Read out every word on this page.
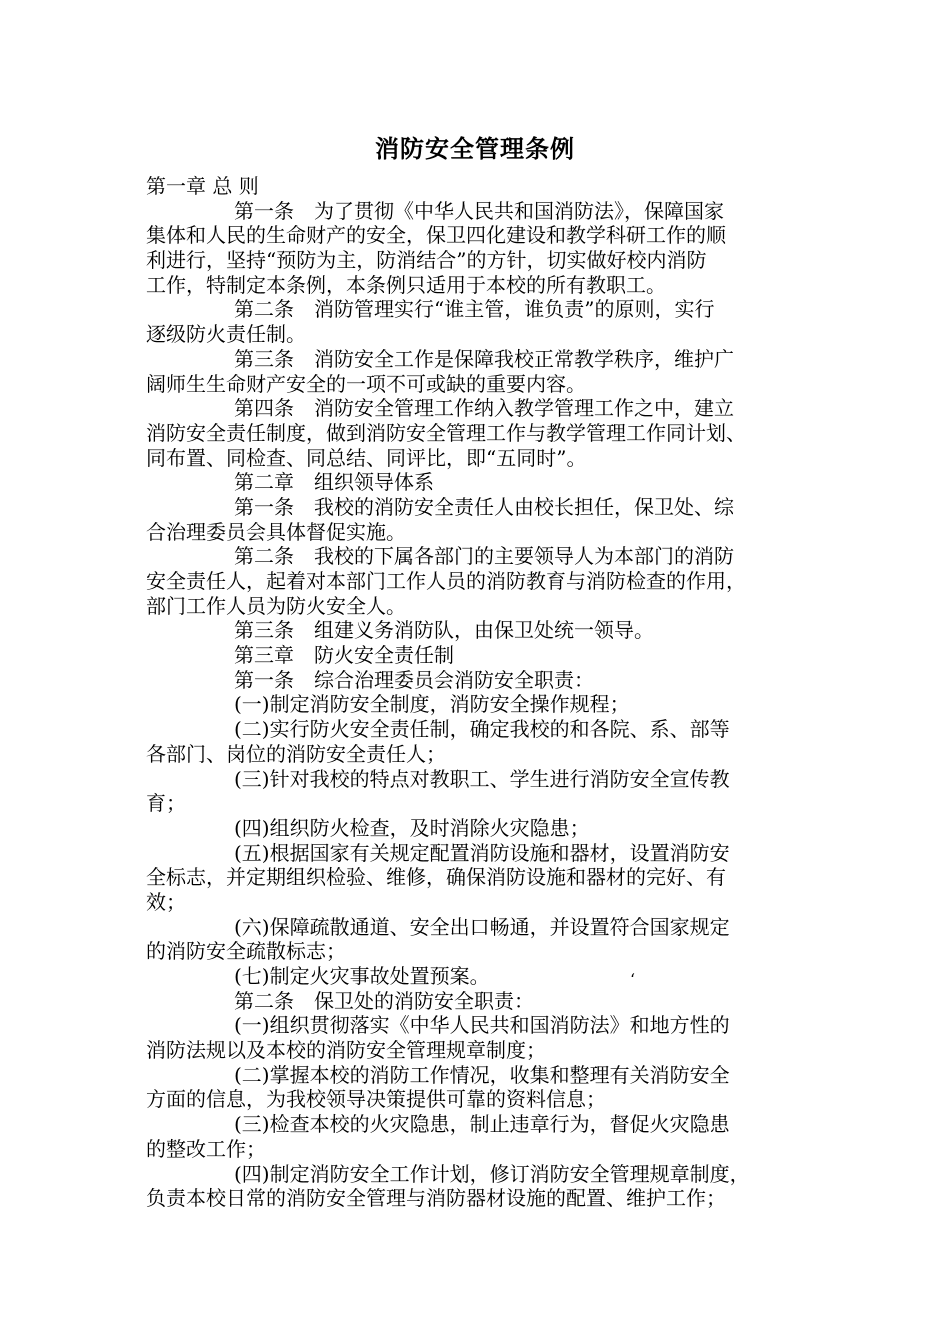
消防安全管理条例
第一章 总 则
第一条　为了贯彻《中华人民共和国消防法》，保障国家
集体和人民的生命财产的安全，保卫四化建设和教学科研工作的顺
利进行，坚持“预防为主，防消结合”的方针，切实做好校内消防
工作，特制定本条例，本条例只适用于本校的所有教职工。
第二条　消防管理实行“谁主管，谁负责”的原则，实行
逐级防火责任制。
第三条　消防安全工作是保障我校正常教学秩序，维护广
阔师生生命财产安全的一项不可或缺的重要内容。
第四条　消防安全管理工作纳入教学管理工作之中，建立
消防安全责任制度，做到消防安全管理工作与教学管理工作同计划、
同布置、同检查、同总结、同评比，即“五同时”。
第二章　组织领导体系
第一条　我校的消防安全责任人由校长担任，保卫处、综
合治理委员会具体督促实施。
第二条　我校的下属各部门的主要领导人为本部门的消防
安全责任人，起着对本部门工作人员的消防教育与消防检查的作用，
部门工作人员为防火安全人。
第三条　组建义务消防队，由保卫处统一领导。
第三章　防火安全责任制
第一条　综合治理委员会消防安全职责：
(一)制定消防安全制度，消防安全操作规程；
(二)实行防火安全责任制，确定我校的和各院、系、部等
各部门、岗位的消防安全责任人；
(三)针对我校的特点对教职工、学生进行消防安全宣传教
育；
(四)组织防火检查，及时消除火灾隐患；
(五)根据国家有关规定配置消防设施和器材，设置消防安
全标志，并定期组织检验、维修，确保消防设施和器材的完好、有
效；
(六)保障疏散通道、安全出口畅通，并设置符合国家规定
的消防安全疏散标志；
(七)制定火灾事故处置预案。
第二条　保卫处的消防安全职责：
(一)组织贯彻落实《中华人民共和国消防法》和地方性的
消防法规以及本校的消防安全管理规章制度；
(二)掌握本校的消防工作情况，收集和整理有关消防安全
方面的信息，为我校领导决策提供可靠的资料信息；
(三)检查本校的火灾隐患，制止违章行为，督促火灾隐患
的整改工作；
(四)制定消防安全工作计划，修订消防安全管理规章制度，
负责本校日常的消防安全管理与消防器材设施的配置、维护工作；
‘
